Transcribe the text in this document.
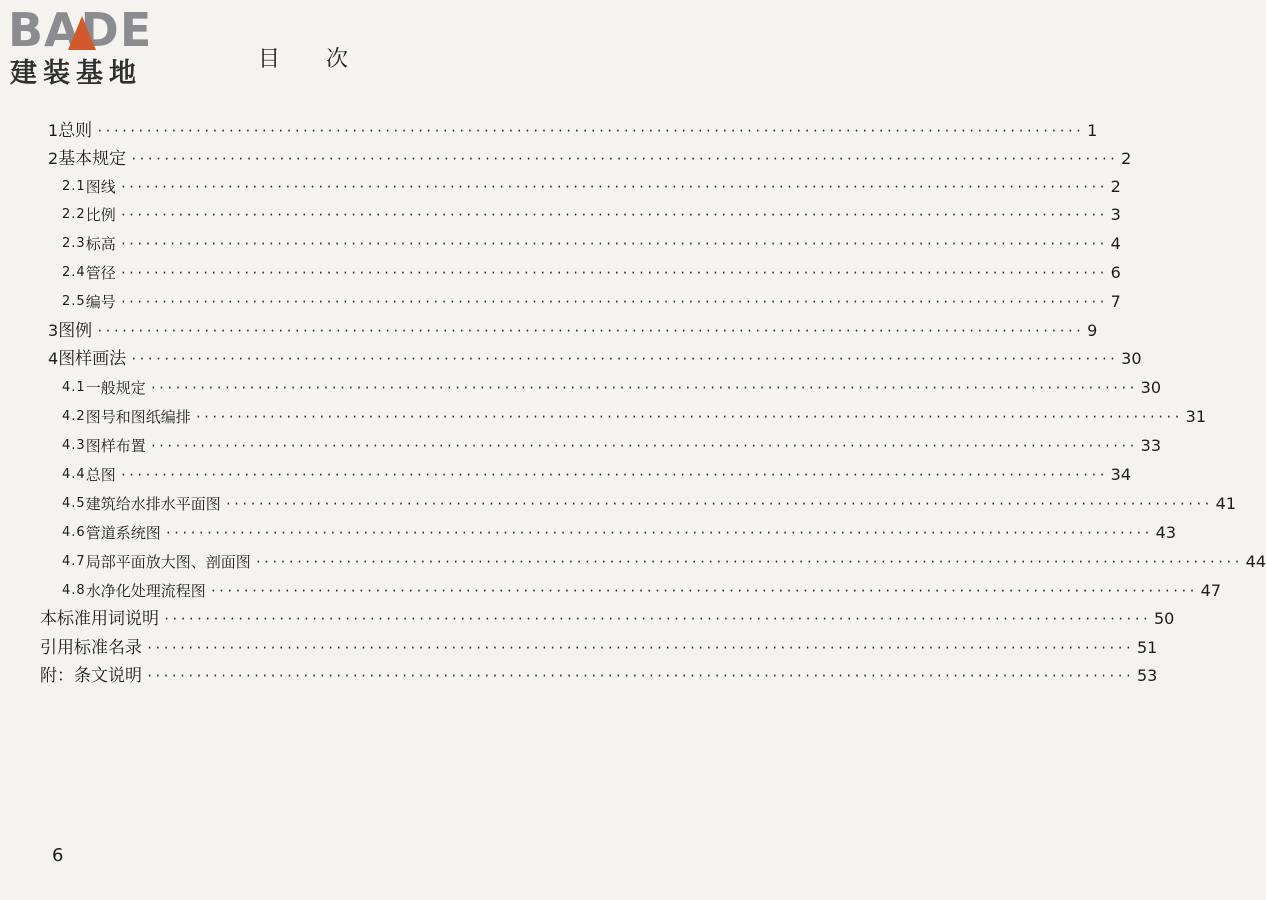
BADE
建装基地	目次
1 总则 ························································································································ 1
2 基本规定 ························································································································ 2
2.1 图线 ························································································································ 2
2.2 比例 ························································································································ 3
2.3 标高 ························································································································ 4
2.4 管径 ························································································································ 6
2.5 编号 ························································································································ 7
3 图例 ························································································································ 9
4 图样画法 ························································································································ 30
4.1 一般规定 ························································································································ 30
4.2 图号和图纸编排 ························································································································ 31
4.3 图样布置 ························································································································ 33
4.4 总图 ························································································································ 34
4.5 建筑给水排水平面图 ························································································································ 41
4.6 管道系统图 ························································································································ 43
4.7 局部平面放大图、剖面图 ························································································································ 44
4.8 水净化处理流程图 ························································································································ 47
本标准用词说明 ························································································································ 50
引用标准名录 ························································································································ 51
附：条文说明 ························································································································ 53
6
